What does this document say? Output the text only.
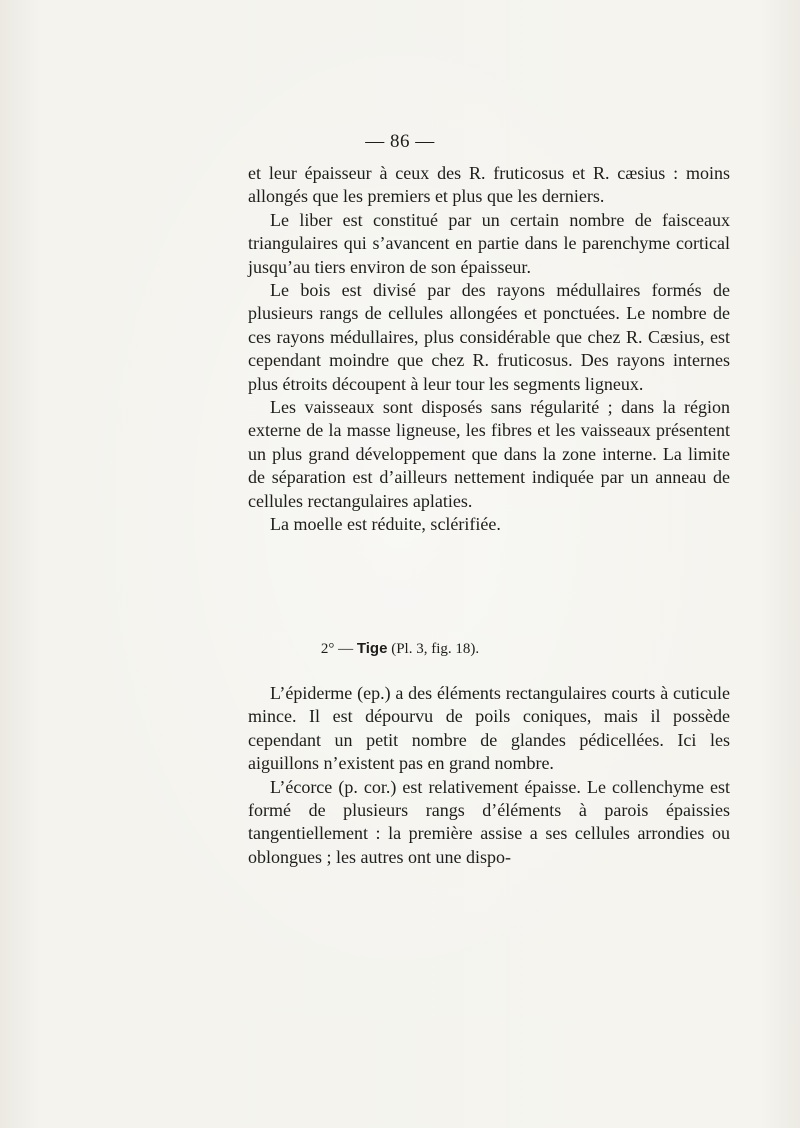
— 86 —

et leur épaisseur à ceux des R. fruticosus et R. cæsius : moins allongés que les premiers et plus que les derniers.

Le liber est constitué par un certain nombre de faisceaux triangulaires qui s’avancent en partie dans le parenchyme cortical jusqu’au tiers environ de son épaisseur.

Le bois est divisé par des rayons médullaires formés de plusieurs rangs de cellules allongées et ponctuées. Le nombre de ces rayons médullaires, plus considérable que chez R. Cæsius, est cependant moindre que chez R. fruticosus. Des rayons internes plus étroits découpent à leur tour les segments ligneux.

Les vaisseaux sont disposés sans régularité ; dans la région externe de la masse ligneuse, les fibres et les vaisseaux présentent un plus grand développement que dans la zone interne. La limite de séparation est d’ailleurs nettement indiquée par un anneau de cellules rectangulaires aplaties.

La moelle est réduite, sclérifiée.

2° — Tige (Pl. 3, fig. 18).

L’épiderme (ep.) a des éléments rectangulaires courts à cuticule mince. Il est dépourvu de poils coniques, mais il possède cependant un petit nombre de glandes pédicellées. Ici les aiguillons n’existent pas en grand nombre.

L’écorce (p. cor.) est relativement épaisse. Le collenchyme est formé de plusieurs rangs d’éléments à parois épaissies tangentiellement : la première assise a ses cellules arrondies ou oblongues ; les autres ont une dispo-
